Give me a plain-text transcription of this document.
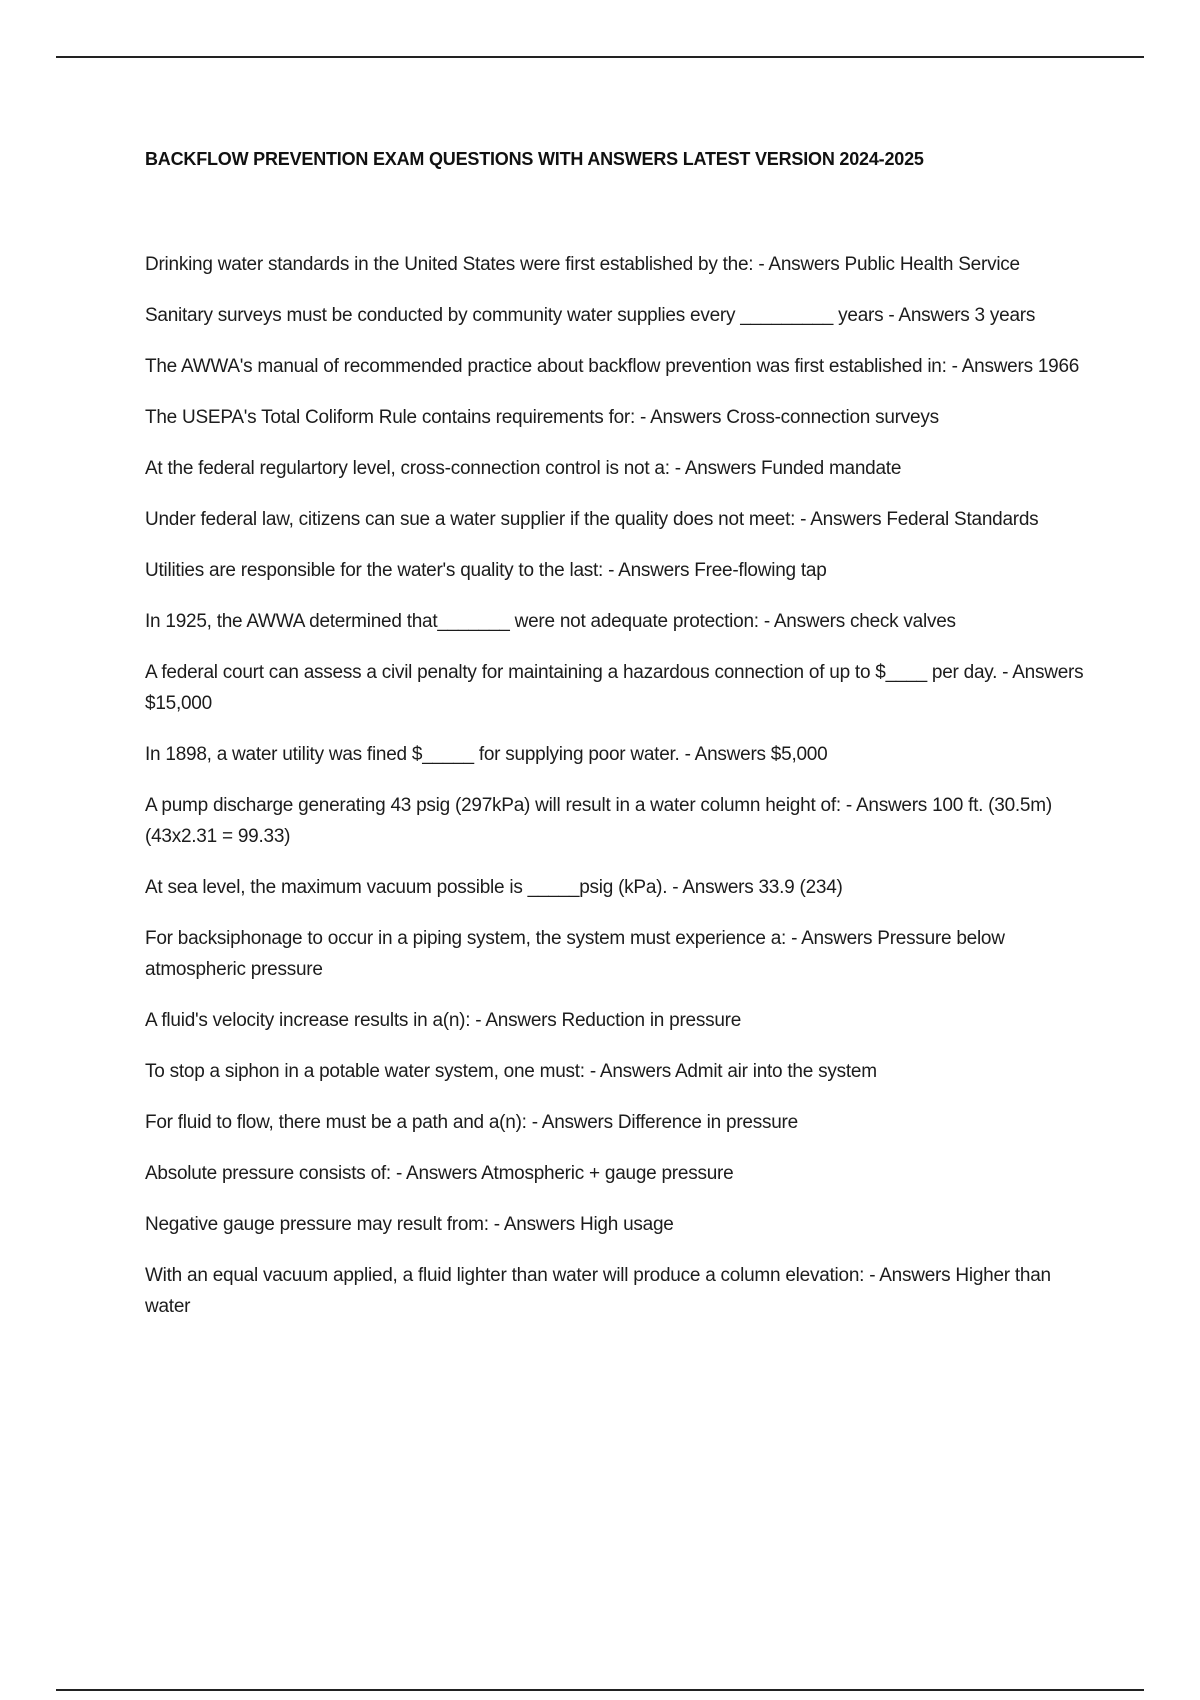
BACKFLOW PREVENTION EXAM QUESTIONS WITH ANSWERS LATEST VERSION 2024-2025
Drinking water standards in the United States were first established by the: - Answers Public Health Service
Sanitary surveys must be conducted by community water supplies every _________ years - Answers 3 years
The AWWA's manual of recommended practice about backflow prevention was first established in: - Answers 1966
The USEPA's Total Coliform Rule contains requirements for: - Answers Cross-connection surveys
At the federal regulartory level, cross-connection control is not a: - Answers Funded mandate
Under federal law, citizens can sue a water supplier if the quality does not meet: - Answers Federal Standards
Utilities are responsible for the water's quality to the last: - Answers Free-flowing tap
In 1925, the AWWA determined that_______ were not adequate protection: - Answers check valves
A federal court can assess a civil penalty for maintaining a hazardous connection of up to $____ per day. - Answers $15,000
In 1898, a water utility was fined $_____ for supplying poor water. - Answers $5,000
A pump discharge generating 43 psig (297kPa) will result in a water column height of: - Answers 100 ft. (30.5m) (43x2.31 = 99.33)
At sea level, the maximum vacuum possible is _____psig (kPa). - Answers 33.9 (234)
For backsiphonage to occur in a piping system, the system must experience a: - Answers Pressure below atmospheric pressure
A fluid's velocity increase results in a(n): - Answers Reduction in pressure
To stop a siphon in a potable water system, one must: - Answers Admit air into the system
For fluid to flow, there must be a path and a(n): - Answers Difference in pressure
Absolute pressure consists of: - Answers Atmospheric + gauge pressure
Negative gauge pressure may result from: - Answers High usage
With an equal vacuum applied, a fluid lighter than water will produce a column elevation: - Answers Higher than water
